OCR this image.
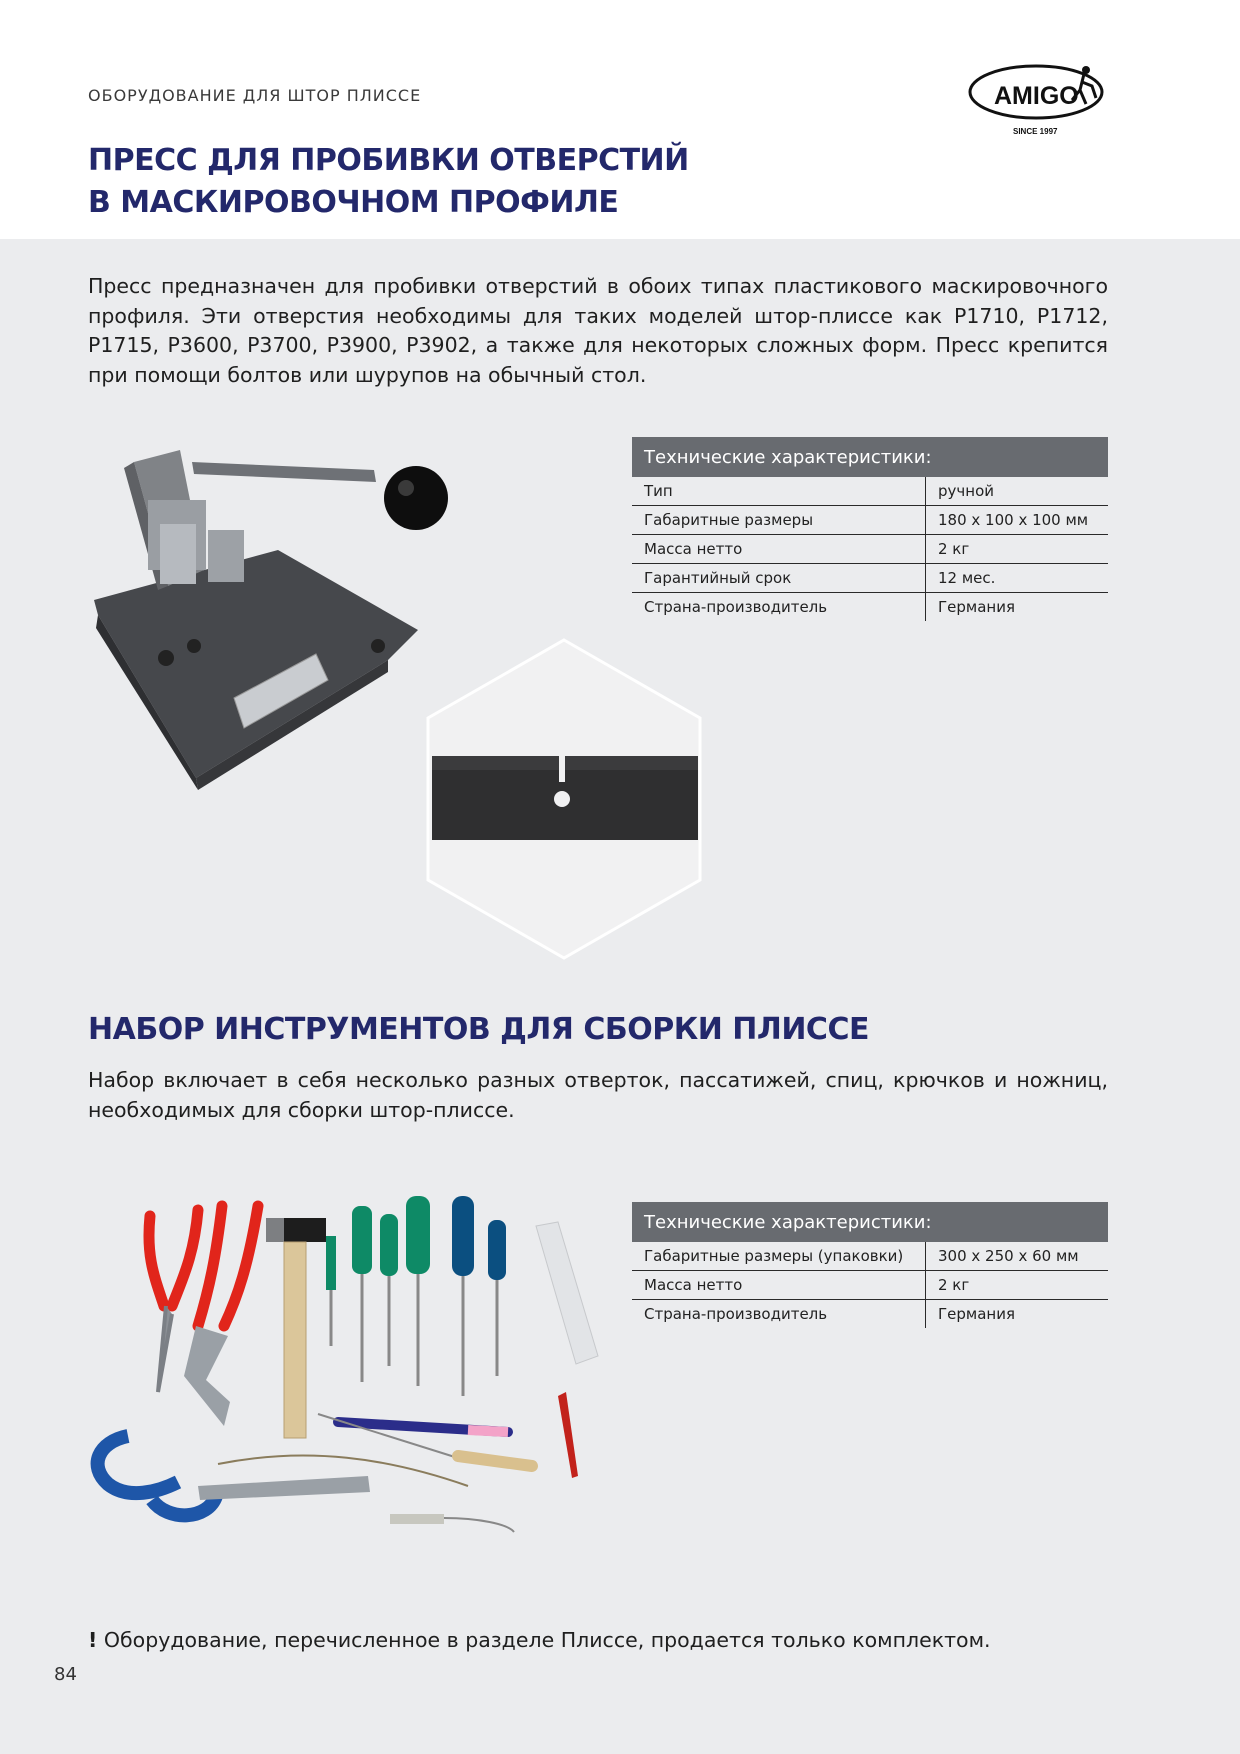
ОБОРУДОВАНИЕ ДЛЯ ШТОР ПЛИССЕ	AMIGO
SINCE 1997
ПРЕСС ДЛЯ ПРОБИВКИ ОТВЕРСТИЙ
В МАСКИРОВОЧНОМ ПРОФИЛЕ

Пресс предназначен для пробивки отверстий в обоих типах пластикового маскировочного профиля. Эти отверстия необходимы для таких моделей штор-плиссе как P1710, P1712, P1715, P3600, P3700, P3900, P3902, а также для некоторых сложных форм. Пресс крепится при помощи болтов или шурупов на обычный стол.

Технические характеристики:
Тип	ручной
Габаритные размеры	180 x 100 x 100 мм
Масса нетто	2 кг
Гарантийный срок	12 мес.
Страна-производитель	Германия
НАБОР ИНСТРУМЕНТОВ ДЛЯ СБОРКИ ПЛИССЕ

Набор включает в себя несколько разных отверток, пассатижей, спиц, крючков и ножниц, необходимых для сборки штор-плиссе.

Технические характеристики:
Габаритные размеры (упаковки)	300 x 250 x 60 мм
Масса нетто	2 кг
Страна-производитель	Германия

! Оборудование, перечисленное в разделе Плиссе, продается только комплектом.

84
